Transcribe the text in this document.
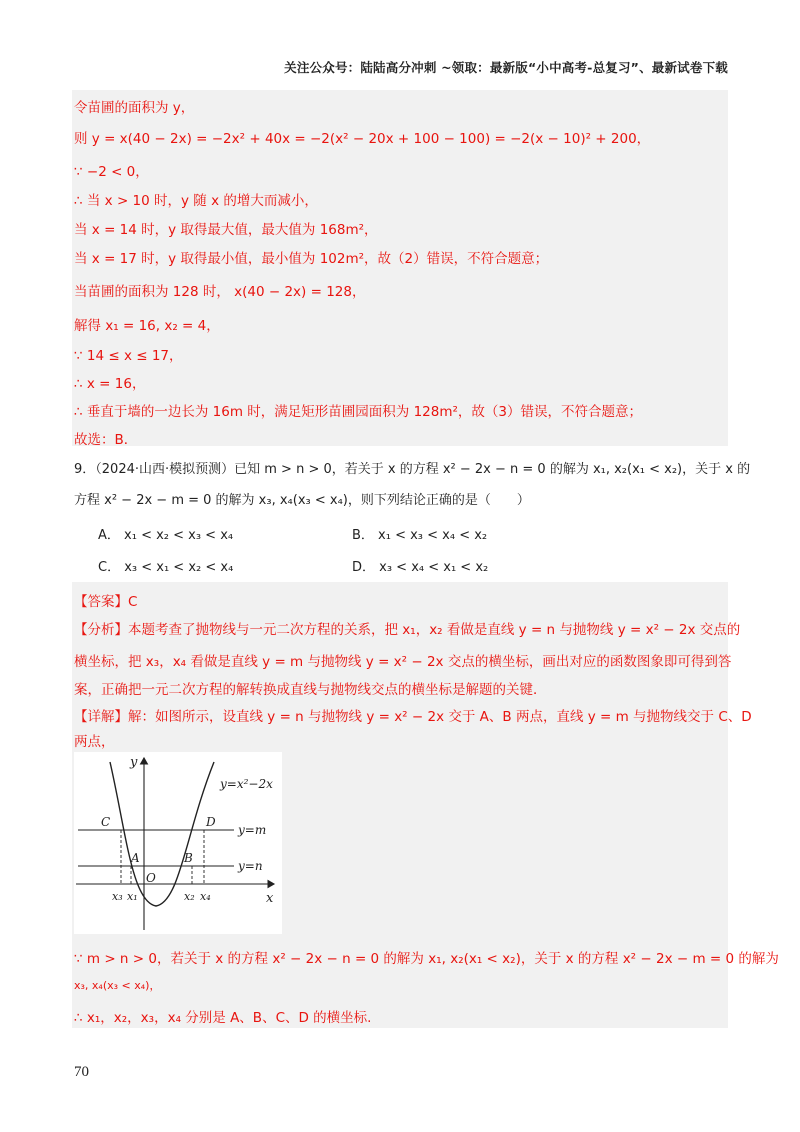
关注公众号：陆陆高分冲刺 ~领取：最新版“小中高考-总复习”、最新试卷下载
令苗圃的面积为 y，
则 y = x(40 − 2x) = −2x² + 40x = −2(x² − 20x + 100 − 100) = −2(x − 10)² + 200，
∵ −2 < 0，
∴ 当 x > 10 时，y 随 x 的增大而减小，
当 x = 14 时，y 取得最大值，最大值为 168m²，
当 x = 17 时，y 取得最小值，最小值为 102m²，故（2）错误，不符合题意；
当苗圃的面积为 128 时， x(40 − 2x) = 128，
解得 x₁ = 16, x₂ = 4，
∵ 14 ≤ x ≤ 17，
∴ x = 16，
∴ 垂直于墙的一边长为 16m 时，满足矩形苗圃园面积为 128m²，故（3）错误，不符合题意；
故选：B．
9．（2024·山西·模拟预测）已知 m > n > 0，若关于 x 的方程 x² − 2x − n = 0 的解为 x₁, x₂(x₁ < x₂)，关于 x 的
方程 x² − 2x − m = 0 的解为 x₃, x₄(x₃ < x₄)，则下列结论正确的是（　　）
A． x₁ < x₂ < x₃ < x₄	B． x₁ < x₃ < x₄ < x₂
C． x₃ < x₁ < x₂ < x₄	D． x₃ < x₄ < x₁ < x₂
【答案】C
【分析】本题考查了抛物线与一元二次方程的关系，把 x₁，x₂ 看做是直线 y = n 与抛物线 y = x² − 2x 交点的
横坐标，把 x₃，x₄ 看做是直线 y = m 与抛物线 y = x² − 2x 交点的横坐标，画出对应的函数图象即可得到答
案，正确把一元二次方程的解转换成直线与抛物线交点的横坐标是解题的关键．
【详解】解：如图所示，设直线 y = n 与抛物线 y = x² − 2x 交于 A、B 两点，直线 y = m 与抛物线交于 C、D
两点，
y
x
O
y=x²−2x
y=m
y=n
C	D
A	B
x₃ x₁	x₂ x₄
∵ m > n > 0，若关于 x 的方程 x² − 2x − n = 0 的解为 x₁, x₂(x₁ < x₂)，关于 x 的方程 x² − 2x − m = 0 的解为
x₃, x₄(x₃ < x₄)，
∴ x₁，x₂，x₃，x₄ 分别是 A、B、C、D 的横坐标.
70
